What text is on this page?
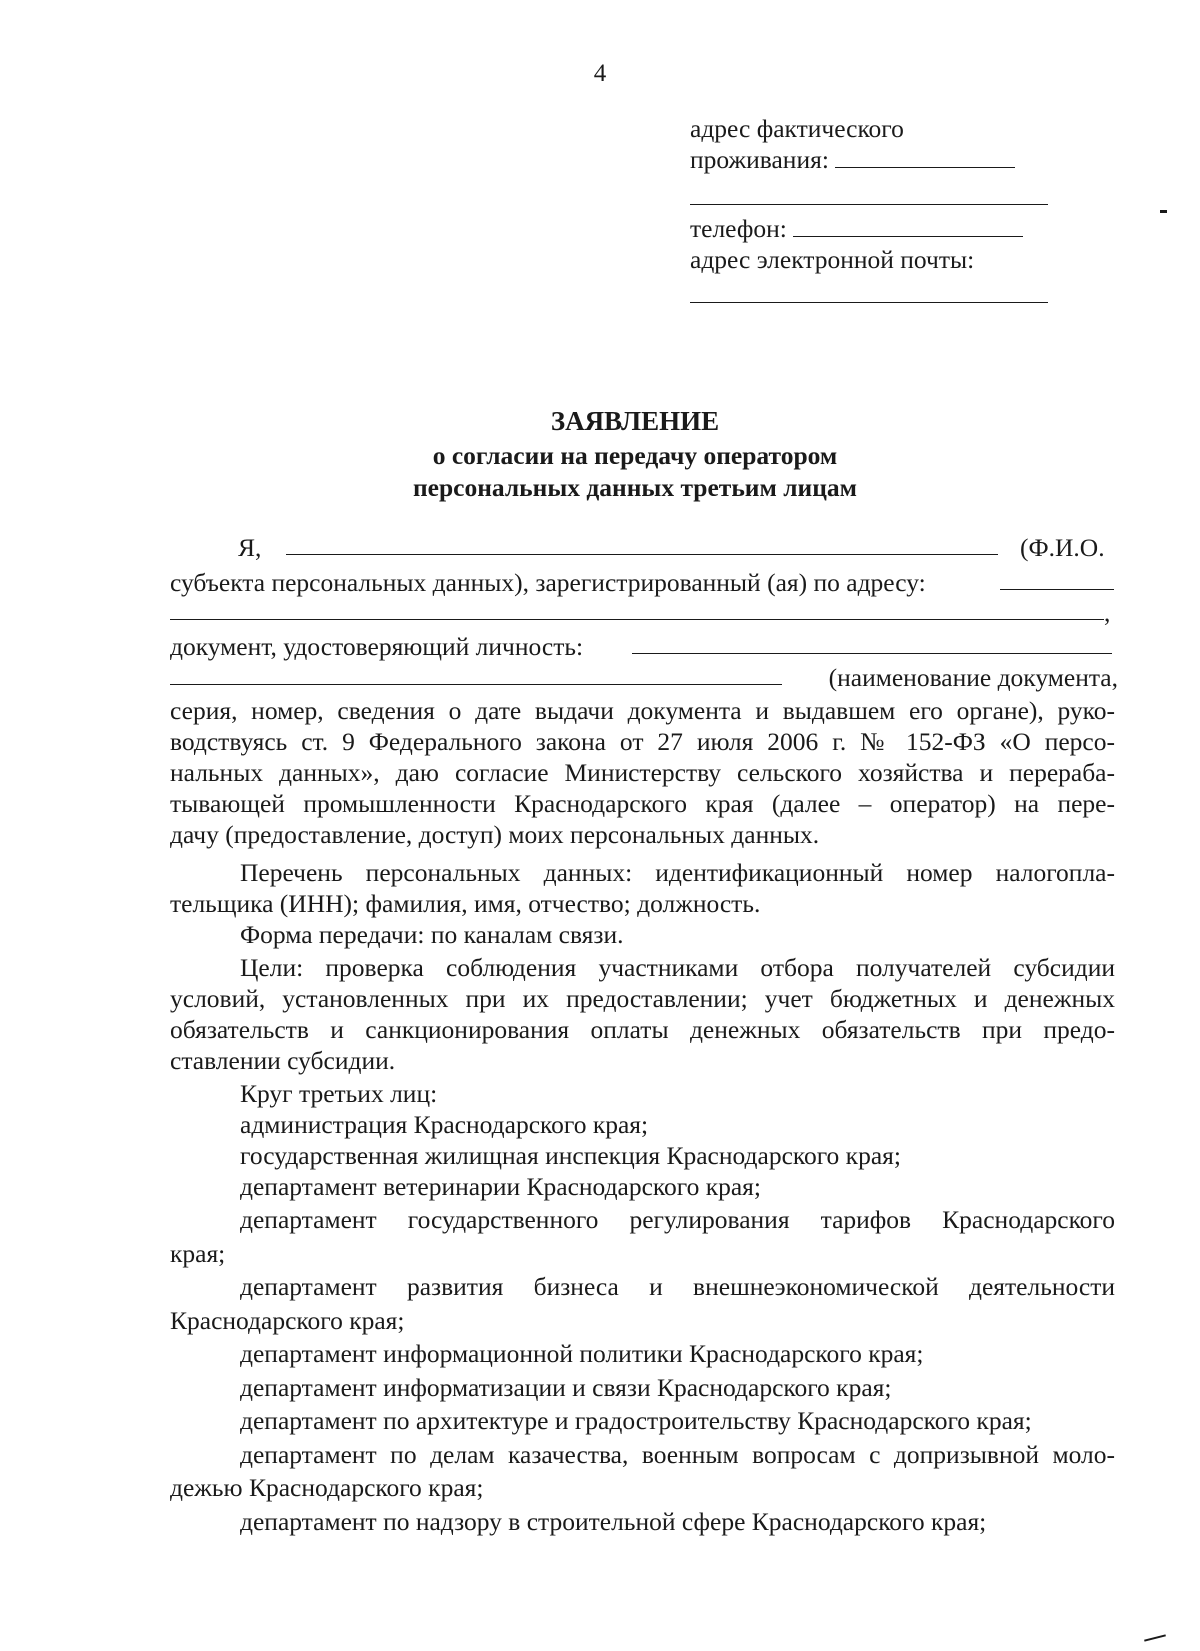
4
адрес фактического
проживания:
телефон:
адрес электронной почты:
ЗАЯВЛЕНИЕ
о согласии на передачу оператором
персональных данных третьим лицам
Я,	(Ф.И.О.
субъекта персональных данных), зарегистрированный (ая) по адресу:
,
документ, удостоверяющий личность:
(наименование документа,
серия, номер, сведения о дате выдачи документа и выдавшем его органе), руко-
водствуясь ст. 9 Федерального закона от 27 июля 2006 г. № 152-ФЗ «О персо-
нальных данных», даю согласие Министерству сельского хозяйства и перераба-
тывающей промышленности Краснодарского края (далее – оператор) на пере-
дачу (предоставление, доступ) моих персональных данных.
Перечень персональных данных: идентификационный номер налогопла-
тельщика (ИНН); фамилия, имя, отчество; должность.
Форма передачи: по каналам связи.
Цели: проверка соблюдения участниками отбора получателей субсидии
условий, установленных при их предоставлении; учет бюджетных и денежных
обязательств и санкционирования оплаты денежных обязательств при предо-
ставлении субсидии.
Круг третьих лиц:
администрация Краснодарского края;
государственная жилищная инспекция Краснодарского края;
департамент ветеринарии Краснодарского края;
департамент государственного регулирования тарифов Краснодарского
края;
департамент развития бизнеса и внешнеэкономической деятельности
Краснодарского края;
департамент информационной политики Краснодарского края;
департамент информатизации и связи Краснодарского края;
департамент по архитектуре и градостроительству Краснодарского края;
департамент по делам казачества, военным вопросам с допризывной моло-
дежью Краснодарского края;
департамент по надзору в строительной сфере Краснодарского края;
